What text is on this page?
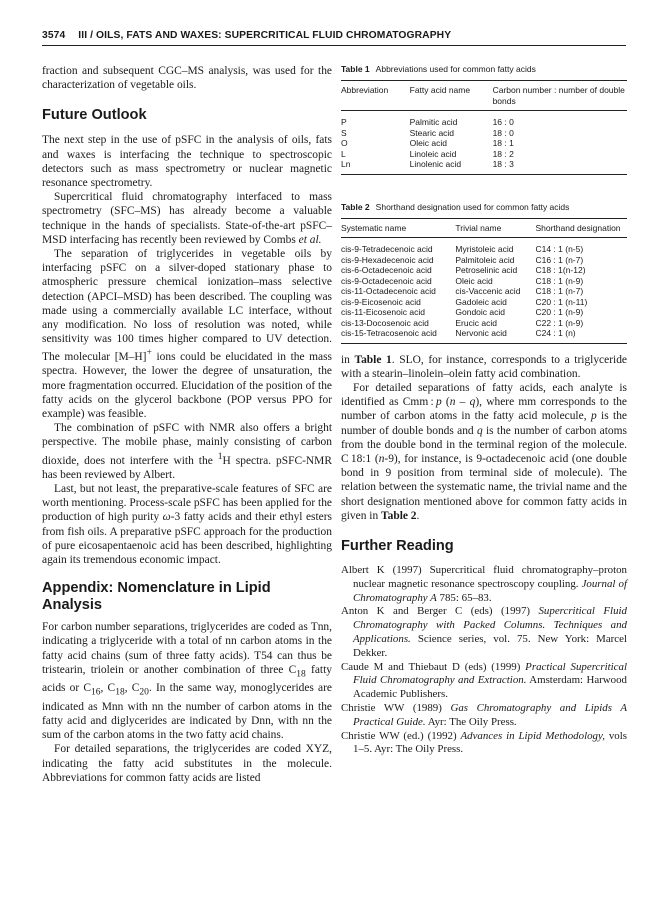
3574 III / OILS, FATS AND WAXES: SUPERCRITICAL FLUID CHROMATOGRAPHY

fraction and subsequent CGC–MS analysis, was used for the characterization of vegetable oils.

Future Outlook

The next step in the use of pSFC in the analysis of oils, fats and waxes is interfacing the technique to spectroscopic detectors such as mass spectrometry or nuclear magnetic resonance spectrometry.

Supercritical fluid chromatography interfaced to mass spectrometry (SFC–MS) has already become a valuable technique in the hands of specialists. State-of-the-art pSFC–MSD interfacing has recently been reviewed by Combs et al.

The separation of triglycerides in vegetable oils by interfacing pSFC on a silver-doped stationary phase to atmospheric pressure chemical ionization–mass selective detection (APCI–MSD) has been described. The coupling was made using a commercially available LC interface, without any modification. No loss of resolution was noted, while sensitivity was 100 times higher compared to UV detection. The molecular [M–H]+ ions could be elucidated in the mass spectra. However, the lower the degree of unsaturation, the more fragmentation occurred. Elucidation of the position of the fatty acids on the glycerol backbone (POP versus PPO for example) was feasible.

The combination of pSFC with NMR also offers a bright perspective. The mobile phase, mainly consisting of carbon dioxide, does not interfere with the $^1$H spectra. pSFC-NMR has been reviewed by Albert.

Last, but not least, the preparative-scale features of SFC are worth mentioning. Process-scale pSFC has been applied for the production of high purity ω-3 fatty acids and their ethyl esters from fish oils. A preparative pSFC approach for the production of pure eicosapentaenoic acid has been described, highlighting again its tremendous economic impact.

Appendix: Nomenclature in Lipid Analysis

For carbon number separations, triglycerides are coded as Tnn, indicating a triglyceride with a total of nn carbon atoms in the fatty acid chains (sum of three fatty acids). T54 can thus be tristearin, triolein or another combination of three $C_{18}$ fatty acids or $C_{16}$, $C_{18}$, $C_{20}$. In the same way, monoglycerides are indicated as Mnn with nn the number of carbon atoms in the fatty acid and diglycerides are indicated by Dnn, with nn the sum of the carbon atoms in the two fatty acid chains.

For detailed separations, the triglycerides are coded XYZ, indicating the fatty acid substitutes in the molecule. Abbreviations for common fatty acids are listed

Table 1 Abbreviations used for common fatty acids
Abbreviation	Fatty acid name	Carbon number : number of double bonds
P	Palmitic acid	16 : 0
S	Stearic acid	18 : 0
O	Oleic acid	18 : 1
L	Linoleic acid	18 : 2
Ln	Linolenic acid	18 : 3
Table 2 Shorthand designation used for common fatty acids
Systematic name	Trivial name	Shorthand designation
cis-9-Tetradecenoic acid	Myristoleic acid	C14 : 1 (n-5)
cis-9-Hexadecenoic acid	Palmitoleic acid	C16 : 1 (n-7)
cis-6-Octadecenoic acid	Petroselinic acid	C18 : 1(n-12)
cis-9-Octadecenoic acid	Oleic acid	C18 : 1 (n-9)
cis-11-Octadecenoic acid	cis-Vaccenic acid	C18 : 1 (n-7)
cis-9-Eicosenoic acid	Gadoleic acid	C20 : 1 (n-11)
cis-11-Eicosenoic acid	Gondoic acid	C20 : 1 (n-9)
cis-13-Docosenoic acid	Erucic acid	C22 : 1 (n-9)
cis-15-Tetracosenoic acid	Nervonic acid	C24 : 1 (n)

in Table 1. SLO, for instance, corresponds to a triglyceride with a stearin–linolein–olein fatty acid combination.

For detailed separations of fatty acids, each analyte is identified as Cmm : p (n – q), where mm corresponds to the number of carbon atoms in the fatty acid molecule, p is the number of double bonds and q is the number of carbon atoms from the double bond in the terminal region of the molecule. C 18:1 (n-9), for instance, is 9-octadecenoic acid (one double bond in 9 position from terminal side of molecule). The relation between the systematic name, the trivial name and the short designation mentioned above for common fatty acids in given in Table 2.

Further Reading

Albert K (1997) Supercritical fluid chromatography–proton nuclear magnetic resonance spectroscopy coupling. Journal of Chromatography A 785: 65–83.

Anton K and Berger C (eds) (1997) Supercritical Fluid Chromatography with Packed Columns. Techniques and Applications. Science series, vol. 75. New York: Marcel Dekker.

Caude M and Thiebaut D (eds) (1999) Practical Supercritical Fluid Chromatography and Extraction. Amsterdam: Harwood Academic Publishers.

Christie WW (1989) Gas Chromatography and Lipids A Practical Guide. Ayr: The Oily Press.

Christie WW (ed.) (1992) Advances in Lipid Methodology, vols 1–5. Ayr: The Oily Press.
